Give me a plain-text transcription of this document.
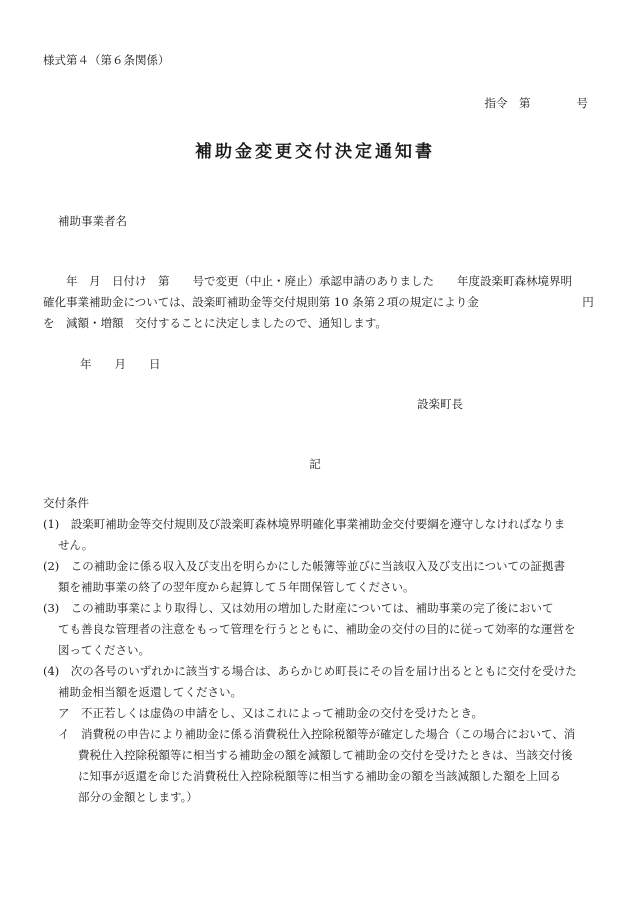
様式第４（第６条関係）
指令　第　　　　号
補助金変更交付決定通知書
補助事業者名
　　年　月　日付け　第　　号で変更（中止・廃止）承認申請のありました　　年度設楽町森林境界明
確化事業補助金については、設楽町補助金等交付規則第 10 条第２項の規定により金　　　　　　　　　円
を　減額・増額　交付することに決定しましたので、通知します。
年　　月　　日
設楽町長
記
交付条件
(1)　 設楽町補助金等交付規則及び設楽町森林境界明確化事業補助金交付要綱を遵守しなければなりま
せん。
(2)　 この補助金に係る収入及び支出を明らかにした帳簿等並びに当該収入及び支出についての証拠書
類を補助事業の終了の翌年度から起算して５年間保管してください。
(3)　 この補助事業により取得し、又は効用の増加した財産については、補助事業の完了後において
ても善良な管理者の注意をもって管理を行うとともに、補助金の交付の目的に従って効率的な運営を
図ってください。
(4)　 次の各号のいずれかに該当する場合は、あらかじめ町長にその旨を届け出るとともに交付を受けた
補助金相当額を返還してください。
ア　 不正若しくは虚偽の申請をし、又はこれによって補助金の交付を受けたとき。
イ　 消費税の申告により補助金に係る消費税仕入控除税額等が確定した場合（この場合において、消
費税仕入控除税額等に相当する補助金の額を減額して補助金の交付を受けたときは、当該交付後
に知事が返還を命じた消費税仕入控除税額等に相当する補助金の額を当該減額した額を上回る
部分の金額とします。）
